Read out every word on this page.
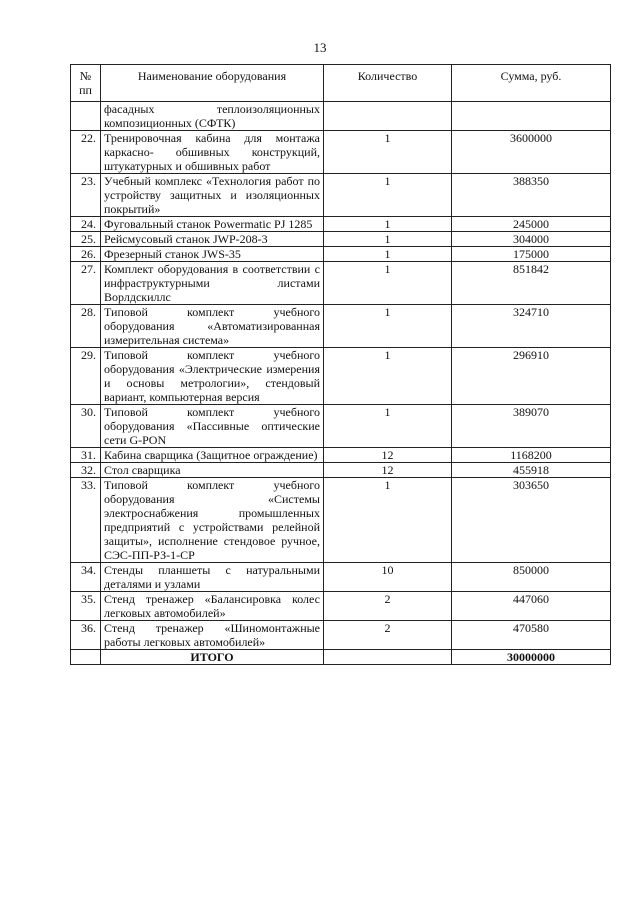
13
№ пп	Наименование оборудования	Количество	Сумма, руб.
	фасадных теплоизоляционных композиционных (СФТК)		
22.	Тренировочная кабина для монтажа каркасно- обшивных конструкций, штукатурных и обшивных работ	1	3600000
23.	Учебный комплекс «Технология работ по устройству защитных и изоляционных покрытий»	1	388350
24.	Фуговальный станок Powermatic PJ 1285	1	245000
25.	Рейсмусовый станок JWP-208-3	1	304000
26.	Фрезерный станок JWS-35	1	175000
27.	Комплект оборудования в соответствии с инфраструктурными листами Ворлдскиллс	1	851842
28.	Типовой комплект учебного оборудования «Автоматизированная измерительная система»	1	324710
29.	Типовой комплект учебного оборудования «Электрические измерения и основы метрологии», стендовый вариант, компьютерная версия	1	296910
30.	Типовой комплект учебного оборудования «Пассивные оптические сети G-PON	1	389070
31.	Кабина сварщика (Защитное ограждение)	12	1168200
32.	Стол сварщика	12	455918
33.	Типовой комплект учебного оборудования «Системы электроснабжения промышленных предприятий с устройствами релейной защиты», исполнение стендовое ручное, СЭС-ПП-РЗ-1-СР	1	303650
34.	Стенды планшеты с натуральными деталями и узлами	10	850000
35.	Стенд тренажер «Балансировка колес легковых автомобилей»	2	447060
36.	Стенд тренажер «Шиномонтажные работы легковых автомобилей»	2	470580
	ИТОГО		30000000
